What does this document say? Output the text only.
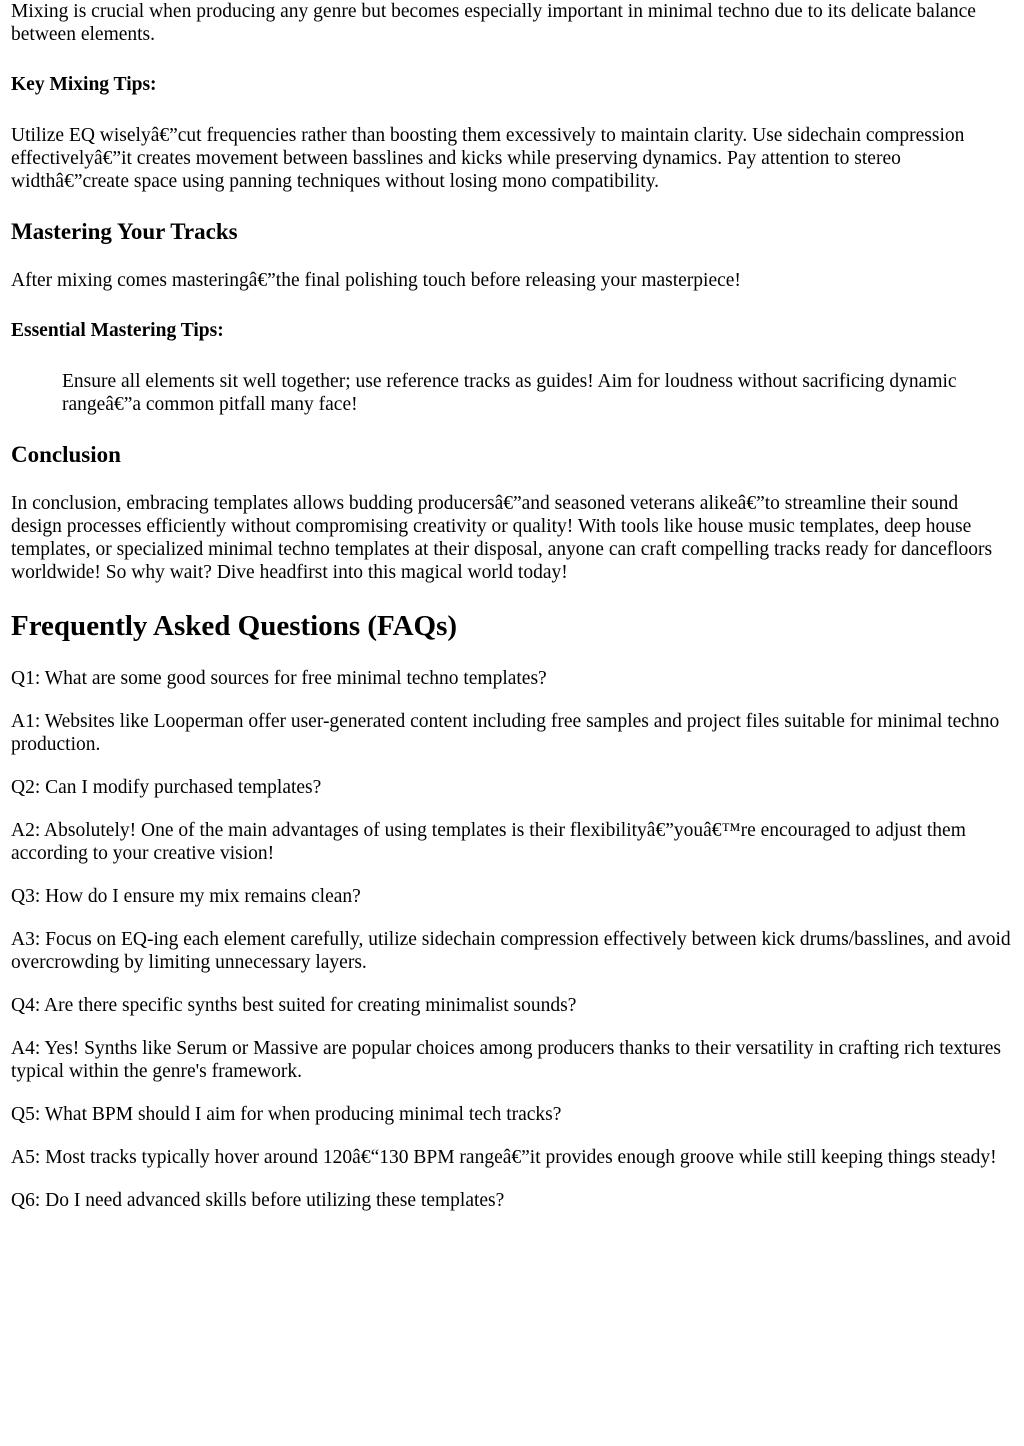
Mixing is crucial when producing any genre but becomes especially important in minimal techno due to its delicate balance between elements.

Key Mixing Tips:

Utilize EQ wiselyâ€”cut frequencies rather than boosting them excessively to maintain clarity. Use sidechain compression effectivelyâ€”it creates movement between basslines and kicks while preserving dynamics. Pay attention to stereo widthâ€”create space using panning techniques without losing mono compatibility.

Mastering Your Tracks

After mixing comes masteringâ€”the final polishing touch before releasing your masterpiece!

Essential Mastering Tips:
Ensure all elements sit well together; use reference tracks as guides! Aim for loudness without sacrificing dynamic rangeâ€”a common pitfall many face!
Conclusion

In conclusion, embracing templates allows budding producersâ€”and seasoned veterans alikeâ€”to streamline their sound design processes efficiently without compromising creativity or quality! With tools like house music templates, deep house templates, or specialized minimal techno templates at their disposal, anyone can craft compelling tracks ready for dancefloors worldwide! So why wait? Dive headfirst into this magical world today!

Frequently Asked Questions (FAQs)

Q1: What are some good sources for free minimal techno templates?

A1: Websites like Looperman offer user-generated content including free samples and project files suitable for minimal techno production.

Q2: Can I modify purchased templates?

A2: Absolutely! One of the main advantages of using templates is their flexibilityâ€”youâ€™re encouraged to adjust them according to your creative vision!

Q3: How do I ensure my mix remains clean?

A3: Focus on EQ-ing each element carefully, utilize sidechain compression effectively between kick drums/basslines, and avoid overcrowding by limiting unnecessary layers.

Q4: Are there specific synths best suited for creating minimalist sounds?

A4: Yes! Synths like Serum or Massive are popular choices among producers thanks to their versatility in crafting rich textures typical within the genre's framework.

Q5: What BPM should I aim for when producing minimal tech tracks?

A5: Most tracks typically hover around 120â€“130 BPM rangeâ€”it provides enough groove while still keeping things steady!

Q6: Do I need advanced skills before utilizing these templates?
